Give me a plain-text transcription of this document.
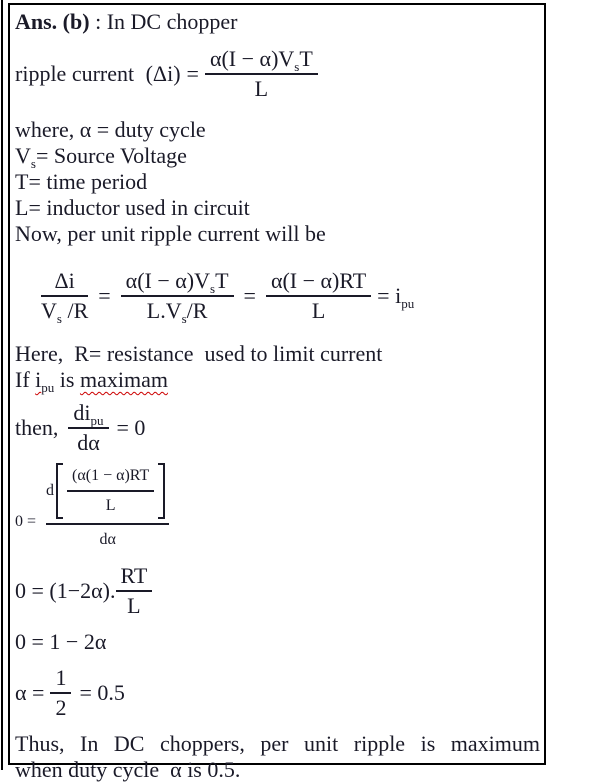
Ans. (b) : In DC chopper
ripple current $(\Delta i) = \frac{\alpha(I - \alpha)V_sT}{L}$
where, α = duty cycle
$V_s=$ Source Voltage
T= time period
L= inductor used in circuit
Now, per unit ripple current will be
$\frac{\Delta i}{V_s /R} = \frac{\alpha(I - \alpha)V_sT}{L.V_s/R} = \frac{\alpha(I - \alpha)RT}{L} = i_{pu}$
Here,  R= resistance  used to limit current
If $i_{pu}$ is maximam
then, $\frac{di_{pu}}{d\alpha} = 0$
0 =
d $\frac{(\alpha(1 - \alpha)RT}{L}$
dα
0 = (1−2α). $\frac{RT}{L}$
0 = 1 − 2α
$\alpha = \frac{1}{2} = 0.5$
Thus, In DC choppers, per unit ripple is maximum
when duty cycle  α is 0.5.
